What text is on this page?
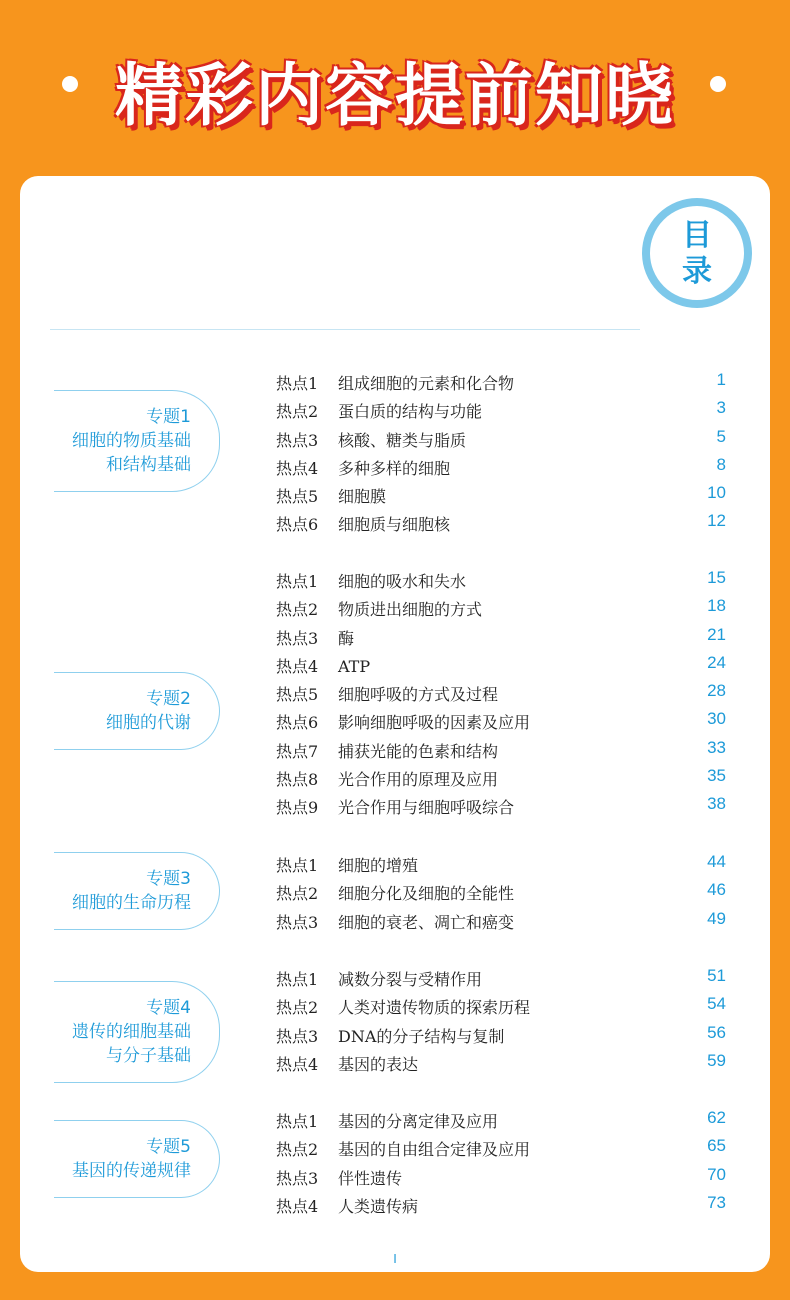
精彩内容提前知晓
目
录
专题1
细胞的物质基础
和结构基础
热点1 组成细胞的元素和化合物	1
热点2 蛋白质的结构与功能	3
热点3 核酸、糖类与脂质	5
热点4 多种多样的细胞	8
热点5 细胞膜	10
热点6 细胞质与细胞核	12
专题2
细胞的代谢
热点1 细胞的吸水和失水	15
热点2 物质进出细胞的方式	18
热点3 酶	21
热点4 ATP	24
热点5 细胞呼吸的方式及过程	28
热点6 影响细胞呼吸的因素及应用	30
热点7 捕获光能的色素和结构	33
热点8 光合作用的原理及应用	35
热点9 光合作用与细胞呼吸综合	38
专题3
细胞的生命历程
热点1 细胞的增殖	44
热点2 细胞分化及细胞的全能性	46
热点3 细胞的衰老、凋亡和癌变	49
专题4
遗传的细胞基础
与分子基础
热点1 减数分裂与受精作用	51
热点2 人类对遗传物质的探索历程	54
热点3 DNA的分子结构与复制	56
热点4 基因的表达	59
专题5
基因的传递规律
热点1 基因的分离定律及应用	62
热点2 基因的自由组合定律及应用	65
热点3 伴性遗传	70
热点4 人类遗传病	73
I
